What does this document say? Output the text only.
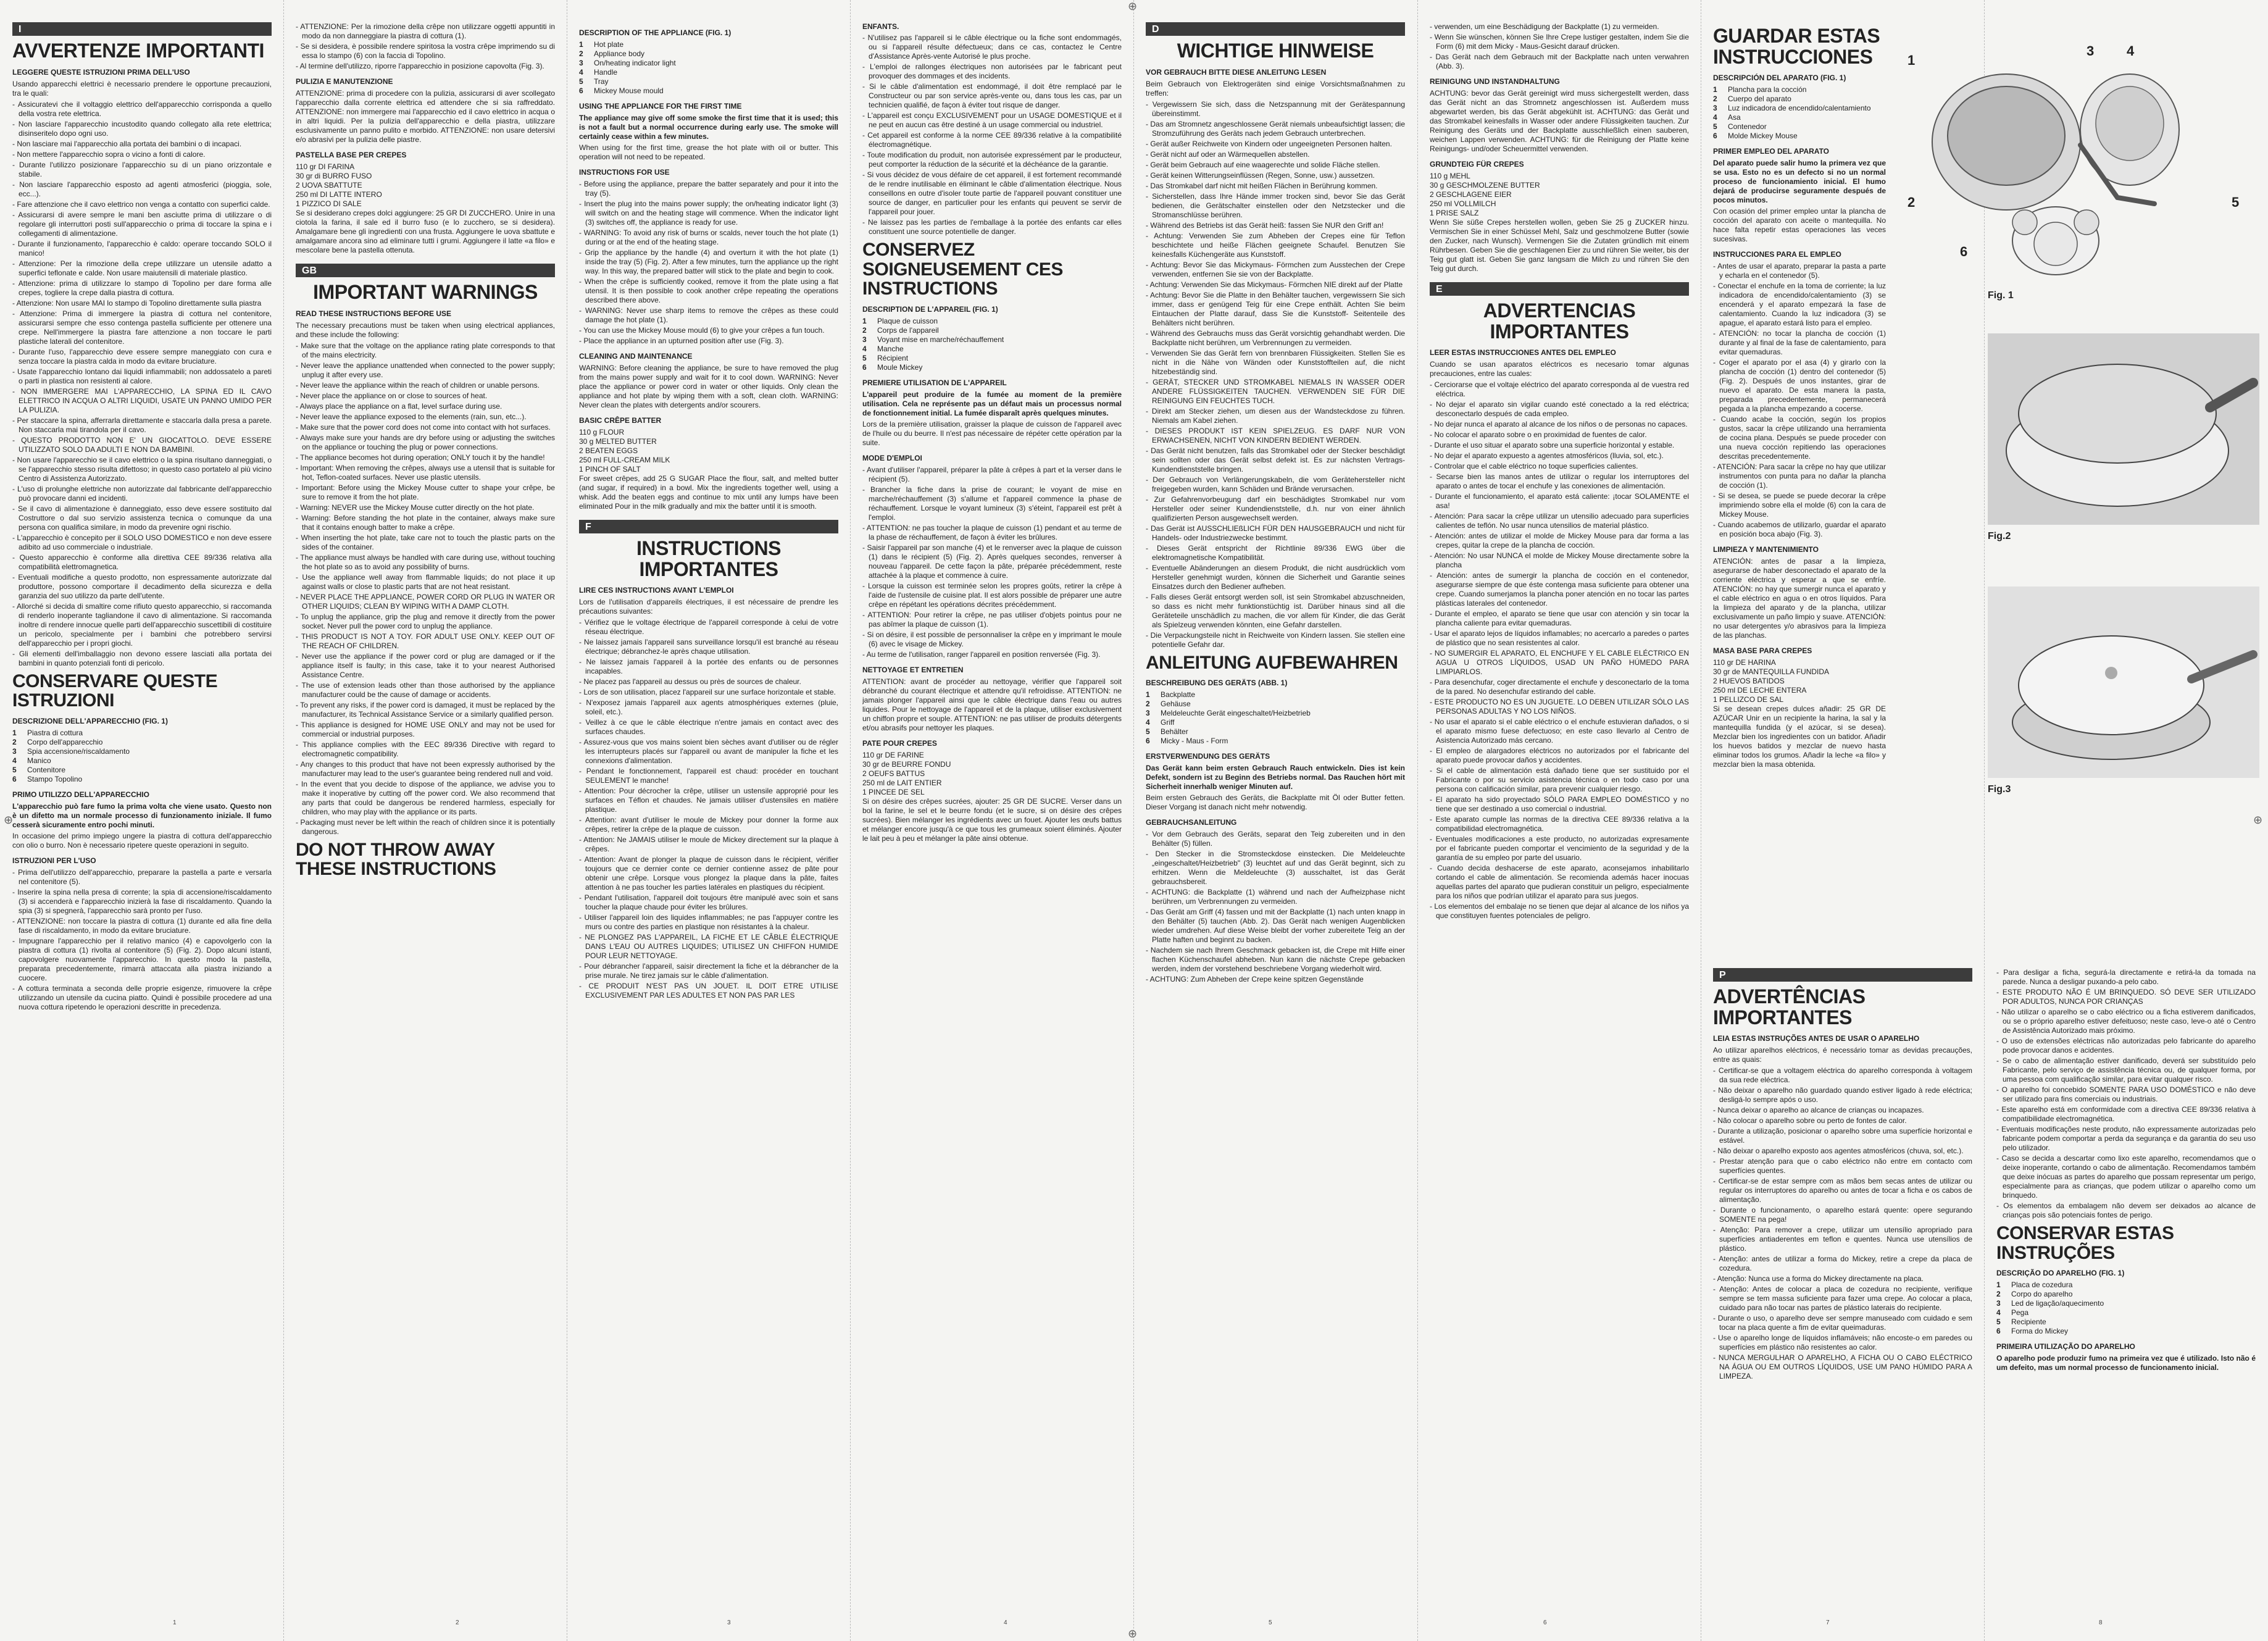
⊕
⊕	⊕
⊕
I
AVVERTENZE IMPORTANTI
LEGGERE QUESTE ISTRUZIONI PRIMA DELL'USO
Usando apparecchi elettrici è necessario prendere le opportune precauzioni, tra le quali:
- Assicuratevi che il voltaggio elettrico dell'apparecchio corrisponda a quello della vostra rete elettrica.
- Non lasciare l'apparecchio incustodito quando collegato alla rete elettrica; disinseritelo dopo ogni uso.
- Non lasciare mai l'apparecchio alla portata dei bambini o di incapaci.
- Non mettere l'apparecchio sopra o vicino a fonti di calore.
- Durante l'utilizzo posizionare l'apparecchio su di un piano orizzontale e stabile.
- Non lasciare l'apparecchio esposto ad agenti atmosferici (pioggia, sole, ecc...).
- Fare attenzione che il cavo elettrico non venga a contatto con superfici calde.
- Assicurarsi di avere sempre le mani ben asciutte prima di utilizzare o di regolare gli interruttori posti sull'apparecchio o prima di toccare la spina e i collegamenti di alimentazione.
- Durante il funzionamento, l'apparecchio è caldo: operare toccando SOLO il manico!
- Attenzione: Per la rimozione della crepe utilizzare un utensile adatto a superfici teflonate e calde. Non usare maiutensili di materiale plastico.
- Attenzione: prima di utilizzare lo stampo di Topolino per dare forma alle crepes, togliere la crepe dalla piastra di cottura.
- Attenzione: Non usare MAI lo stampo di Topolino direttamente sulla piastra
- Attenzione: Prima di immergere la piastra di cottura nel contenitore, assicurarsi sempre che esso contenga pastella sufficiente per ottenere una crepe. Nell'immergere la piastra fare attenzione a non toccare le parti plastiche laterali del contenitore.
- Durante l'uso, l'apparecchio deve essere sempre maneggiato con cura e senza toccare la piastra calda in modo da evitare bruciature.
- Usate l'apparecchio lontano dai liquidi infiammabili; non addossatelo a pareti o parti in plastica non resistenti al calore.
- NON IMMERGERE MAI L'APPARECCHIO, LA SPINA ED IL CAVO ELETTRICO IN ACQUA O ALTRI LIQUIDI, USATE UN PANNO UMIDO PER LA PULIZIA.
- Per staccare la spina, afferrarla direttamente e staccarla dalla presa a parete. Non staccarla mai tirandola per il cavo.
- QUESTO PRODOTTO NON E' UN GIOCATTOLO. DEVE ESSERE UTILIZZATO SOLO DA ADULTI E NON DA BAMBINI.
- Non usare l'apparecchio se il cavo elettrico o la spina risultano danneggiati, o se l'apparecchio stesso risulta difettoso; in questo caso portatelo al più vicino Centro di Assistenza Autorizzato.
- L'uso di prolunghe elettriche non autorizzate dal fabbricante dell'apparecchio può provocare danni ed incidenti.
- Se il cavo di alimentazione è danneggiato, esso deve essere sostituito dal Costruttore o dal suo servizio assistenza tecnica o comunque da una persona con qualifica similare, in modo da prevenire ogni rischio.
- L'apparecchio è concepito per il SOLO USO DOMESTICO e non deve essere adibito ad uso commerciale o industriale.
- Questo apparecchio è conforme alla direttiva CEE 89/336 relativa alla compatibilità elettromagnetica.
- Eventuali modifiche a questo prodotto, non espressamente autorizzate dal produttore, possono comportare il decadimento della sicurezza e della garanzia del suo utilizzo da parte dell'utente.
- Allorché si decida di smaltire come rifiuto questo apparecchio, si raccomanda di renderlo inoperante tagliandone il cavo di alimentazione. Si raccomanda inoltre di rendere innocue quelle parti dell'apparecchio suscettibili di costituire un pericolo, specialmente per i bambini che potrebbero servirsi dell'apparecchio per i propri giochi.
- Gli elementi dell'imballaggio non devono essere lasciati alla portata dei bambini in quanto potenziali fonti di pericolo.
CONSERVARE QUESTE ISTRUZIONI
DESCRIZIONE DELL'APPARECCHIO (FIG. 1)
1 Piastra di cottura
2 Corpo dell'apparecchio
3 Spia accensione/riscaldamento
4 Manico
5 Contenitore
6 Stampo Topolino
PRIMO UTILIZZO DELL'APPARECCHIO
L'apparecchio può fare fumo la prima volta che viene usato. Questo non è un difetto ma un normale processo di funzionamento iniziale. Il fumo cesserà sicuramente entro pochi minuti.
In occasione del primo impiego ungere la piastra di cottura dell'apparecchio con olio o burro. Non è necessario ripetere queste operazioni in seguito.
ISTRUZIONI PER L'USO
- Prima dell'utilizzo dell'apparecchio, preparare la pastella a parte e versarla nel contenitore (5).
- Inserire la spina nella presa di corrente; la spia di accensione/riscaldamento (3) si accenderà e l'apparecchio inizierà la fase di riscaldamento. Quando la spia (3) si spegnerà, l'apparecchio sarà pronto per l'uso.
- ATTENZIONE: non toccare la piastra di cottura (1) durante ed alla fine della fase di riscaldamento, in modo da evitare bruciature.
- Impugnare l'apparecchio per il relativo manico (4) e capovolgerlo con la piastra di cottura (1) rivolta al contenitore (5) (Fig. 2). Dopo alcuni istanti, capovolgere nuovamente l'apparecchio. In questo modo la pastella, preparata precedentemente, rimarrà attaccata alla piastra iniziando a cuocere.
- A cottura terminata a seconda delle proprie esigenze, rimuovere la crêpe utilizzando un utensile da cucina piatto. Quindi è possibile procedere ad una nuova cottura ripetendo le operazioni descritte in precedenza.
- ATTENZIONE: Per la rimozione della crêpe non utilizzare oggetti appuntiti in modo da non danneggiare la piastra di cottura (1).
- Se si desidera, è possibile rendere spiritosa la vostra crêpe imprimendo su di essa lo stampo (6) con la faccia di Topolino.
- Al termine dell'utilizzo, riporre l'apparecchio in posizione capovolta (Fig. 3).
PULIZIA E MANUTENZIONE
ATTENZIONE: prima di procedere con la pulizia, assicurarsi di aver scollegato l'apparecchio dalla corrente elettrica ed attendere che si sia raffreddato. ATTENZIONE: non immergere mai l'apparecchio ed il cavo elettrico in acqua o in altri liquidi. Per la pulizia dell'apparecchio e della piastra, utilizzare esclusivamente un panno pulito e morbido. ATTENZIONE: non usare detersivi e/o abrasivi per la pulizia delle piastre.
PASTELLA BASE PER CREPES
110 gr DI FARINA
30 gr di BURRO FUSO
2 UOVA SBATTUTE
250 ml DI LATTE INTERO
1 PIZZICO DI SALE
Se si desiderano crepes dolci aggiungere: 25 GR DI ZUCCHERO. Unire in una ciotola la farina, il sale ed il burro fuso (e lo zucchero, se si desidera). Amalgamare bene gli ingredienti con una frusta. Aggiungere le uova sbattute e amalgamare ancora sino ad eliminare tutti i grumi. Aggiungere il latte «a filo» e mescolare bene la pastella ottenuta.
GB
IMPORTANT WARNINGS
READ THESE INSTRUCTIONS BEFORE USE
The necessary precautions must be taken when using electrical appliances, and these include the following:
- Make sure that the voltage on the appliance rating plate corresponds to that of the mains electricity.
- Never leave the appliance unattended when connected to the power supply; unplug it after every use.
- Never leave the appliance within the reach of children or unable persons.
- Never place the appliance on or close to sources of heat.
- Always place the appliance on a flat, level surface during use.
- Never leave the appliance exposed to the elements (rain, sun, etc...).
- Make sure that the power cord does not come into contact with hot surfaces.
- Always make sure your hands are dry before using or adjusting the switches on the appliance or touching the plug or power connections.
- The appliance becomes hot during operation; ONLY touch it by the handle!
- Important: When removing the crêpes, always use a utensil that is suitable for hot, Teflon-coated surfaces. Never use plastic utensils.
- Important: Before using the Mickey Mouse cutter to shape your crêpe, be sure to remove it from the hot plate.
- Warning: NEVER use the Mickey Mouse cutter directly on the hot plate.
- Warning: Before standing the hot plate in the container, always make sure that it contains enough batter to make a crêpe.
- When inserting the hot plate, take care not to touch the plastic parts on the sides of the container.
- The appliance must always be handled with care during use, without touching the hot plate so as to avoid any possibility of burns.
- Use the appliance well away from flammable liquids; do not place it up against walls or close to plastic parts that are not heat resistant.
- NEVER PLACE THE APPLIANCE, POWER CORD OR PLUG IN WATER OR OTHER LIQUIDS; CLEAN BY WIPING WITH A DAMP CLOTH.
- To unplug the appliance, grip the plug and remove it directly from the power socket. Never pull the power cord to unplug the appliance.
- THIS PRODUCT IS NOT A TOY. FOR ADULT USE ONLY. KEEP OUT OF THE REACH OF CHILDREN.
- Never use the appliance if the power cord or plug are damaged or if the appliance itself is faulty; in this case, take it to your nearest Authorised Assistance Centre.
- The use of extension leads other than those authorised by the appliance manufacturer could be the cause of damage or accidents.
- To prevent any risks, if the power cord is damaged, it must be replaced by the manufacturer, its Technical Assistance Service or a similarly qualified person.
- This appliance is designed for HOME USE ONLY and may not be used for commercial or industrial purposes.
- This appliance complies with the EEC 89/336 Directive with regard to electromagnetic compatibility.
- Any changes to this product that have not been expressly authorised by the manufacturer may lead to the user's guarantee being rendered null and void.
- In the event that you decide to dispose of the appliance, we advise you to make it inoperative by cutting off the power cord. We also recommend that any parts that could be dangerous be rendered harmless, especially for children, who may play with the appliance or its parts.
- Packaging must never be left within the reach of children since it is potentially dangerous.
DO NOT THROW AWAY THESE INSTRUCTIONS
DESCRIPTION OF THE APPLIANCE (FIG. 1)
1 Hot plate
2 Appliance body
3 On/heating indicator light
4 Handle
5 Tray
6 Mickey Mouse mould
USING THE APPLIANCE FOR THE FIRST TIME
The appliance may give off some smoke the first time that it is used; this is not a fault but a normal occurrence during early use. The smoke will certainly cease within a few minutes.
When using for the first time, grease the hot plate with oil or butter. This operation will not need to be repeated.
INSTRUCTIONS FOR USE
- Before using the appliance, prepare the batter separately and pour it into the tray (5).
- Insert the plug into the mains power supply; the on/heating indicator light (3) will switch on and the heating stage will commence. When the indicator light (3) switches off, the appliance is ready for use.
- WARNING: To avoid any risk of burns or scalds, never touch the hot plate (1) during or at the end of the heating stage.
- Grip the appliance by the handle (4) and overturn it with the hot plate (1) inside the tray (5) (Fig. 2). After a few minutes, turn the appliance up the right way. In this way, the prepared batter will stick to the plate and begin to cook.
- When the crêpe is sufficiently cooked, remove it from the plate using a flat utensil. It is then possible to cook another crêpe repeating the operations described there above.
- WARNING: Never use sharp items to remove the crêpes as these could damage the hot plate (1).
- You can use the Mickey Mouse mould (6) to give your crêpes a fun touch.
- Place the appliance in an upturned position after use (Fig. 3).
CLEANING AND MAINTENANCE
WARNING: Before cleaning the appliance, be sure to have removed the plug from the mains power supply and wait for it to cool down. WARNING: Never place the appliance or power cord in water or other liquids. Only clean the appliance and hot plate by wiping them with a soft, clean cloth. WARNING: Never clean the plates with detergents and/or scourers.
BASIC CRÊPE BATTER
110 g FLOUR
30 g MELTED BUTTER
2 BEATEN EGGS
250 ml FULL-CREAM MILK
1 PINCH OF SALT
For sweet crêpes, add 25 G SUGAR Place the flour, salt, and melted butter (and sugar, if required) in a bowl. Mix the ingredients together well, using a whisk. Add the beaten eggs and continue to mix until any lumps have been eliminated Pour in the milk gradually and mix the batter until it is smooth.
F
INSTRUCTIONS IMPORTANTES
LIRE CES INSTRUCTIONS AVANT L'EMPLOI
Lors de l'utilisation d'appareils électriques, il est nécessaire de prendre les précautions suivantes:
- Vérifiez que le voltage électrique de l'appareil corresponde à celui de votre réseau électrique.
- Ne laissez jamais l'appareil sans surveillance lorsqu'il est branché au réseau électrique; débranchez-le après chaque utilisation.
- Ne laissez jamais l'appareil à la portée des enfants ou de personnes incapables.
- Ne placez pas l'appareil au dessus ou près de sources de chaleur.
- Lors de son utilisation, placez l'appareil sur une surface horizontale et stable.
- N'exposez jamais l'appareil aux agents atmosphériques externes (pluie, soleil, etc.).
- Veillez à ce que le câble électrique n'entre jamais en contact avec des surfaces chaudes.
- Assurez-vous que vos mains soient bien sèches avant d'utiliser ou de régler les interrupteurs placés sur l'appareil ou avant de manipuler la fiche et les connexions d'alimentation.
- Pendant le fonctionnement, l'appareil est chaud: procéder en touchant SEULEMENT le manche!
- Attention: Pour décrocher la crêpe, utiliser un ustensile approprié pour les surfaces en Téflon et chaudes. Ne jamais utiliser d'ustensiles en matière plastique.
- Attention: avant d'utiliser le moule de Mickey pour donner la forme aux crêpes, retirer la crêpe de la plaque de cuisson.
- Attention: Ne JAMAIS utiliser le moule de Mickey directement sur la plaque à crêpes.
- Attention: Avant de plonger la plaque de cuisson dans le récipient, vérifier toujours que ce dernier conte ce dernier contienne assez de pâte pour obtenir une crêpe. Lorsque vous plongez la plaque dans la pâte, faites attention à ne pas toucher les parties latérales en plastiques du récipient.
- Pendant l'utilisation, l'appareil doit toujours être manipulé avec soin et sans toucher la plaque chaude pour éviter les brûlures.
- Utiliser l'appareil loin des liquides inflammables; ne pas l'appuyer contre les murs ou contre des parties en plastique non résistantes à la chaleur.
- NE PLONGEZ PAS L'APPAREIL, LA FICHE ET LE CÂBLE ÉLECTRIQUE DANS L'EAU OU AUTRES LIQUIDES; UTILISEZ UN CHIFFON HUMIDE POUR LEUR NETTOYAGE.
- Pour débrancher l'appareil, saisir directement la fiche et la débrancher de la prise murale. Ne tirez jamais sur le câble d'alimentation.
- CE PRODUIT N'EST PAS UN JOUET. IL DOIT ETRE UTILISE EXCLUSIVEMENT PAR LES ADULTES ET NON PAS PAR LES
ENFANTS.
- N'utilisez pas l'appareil si le câble électrique ou la fiche sont endommagés, ou si l'appareil résulte défectueux; dans ce cas, contactez le Centre d'Assistance Après-vente Autorisé le plus proche.
- L'emploi de rallonges électriques non autorisées par le fabricant peut provoquer des dommages et des incidents.
- Si le câble d'alimentation est endommagé, il doit être remplacé par le Constructeur ou par son service après-vente ou, dans tous les cas, par un technicien qualifié, de façon à éviter tout risque de danger.
- L'appareil est conçu EXCLUSIVEMENT pour un USAGE DOMESTIQUE et il ne peut en aucun cas être destiné à un usage commercial ou industriel.
- Cet appareil est conforme à la norme CEE 89/336 relative à la compatibilité électromagnétique.
- Toute modification du produit, non autorisée expressément par le producteur, peut comporter la réduction de la sécurité et la déchéance de la garantie.
- Si vous décidez de vous défaire de cet appareil, il est fortement recommandé de le rendre inutilisable en éliminant le câble d'alimentation électrique. Nous conseillons en outre d'isoler toute partie de l'appareil pouvant constituer une source de danger, en particulier pour les enfants qui peuvent se servir de l'appareil pour jouer.
- Ne laissez pas les parties de l'emballage à la portée des enfants car elles constituent une source potentielle de danger.
CONSERVEZ SOIGNEUSEMENT CES INSTRUCTIONS
DESCRIPTION DE L'APPAREIL (FIG. 1)
1 Plaque de cuisson
2 Corps de l'appareil
3 Voyant mise en marche/réchauffement
4 Manche
5 Récipient
6 Moule Mickey
PREMIERE UTILISATION DE L'APPAREIL
L'appareil peut produire de la fumée au moment de la première utilisation. Cela ne représente pas un défaut mais un processus normal de fonctionnement initial. La fumée disparaît après quelques minutes.
Lors de la première utilisation, graisser la plaque de cuisson de l'appareil avec de l'huile ou du beurre. Il n'est pas nécessaire de répéter cette opération par la suite.
MODE D'EMPLOI
- Avant d'utiliser l'appareil, préparer la pâte à crêpes à part et la verser dans le récipient (5).
- Brancher la fiche dans la prise de courant; le voyant de mise en marche/réchauffement (3) s'allume et l'appareil commence la phase de réchauffement. Lorsque le voyant lumineux (3) s'éteint, l'appareil est prêt à l'emploi.
- ATTENTION: ne pas toucher la plaque de cuisson (1) pendant et au terme de la phase de réchauffement, de façon à éviter les brûlures.
- Saisir l'appareil par son manche (4) et le renverser avec la plaque de cuisson (1) dans le récipient (5) (Fig. 2). Après quelques secondes, renverser à nouveau l'appareil. De cette façon la pâte, préparée précédemment, reste attachée à la plaque et commence à cuire.
- Lorsque la cuisson est terminée selon les propres goûts, retirer la crêpe à l'aide de l'ustensile de cuisine plat. Il est alors possible de préparer une autre crêpe en répétant les opérations décrites précédemment.
- ATTENTION: Pour retirer la crêpe, ne pas utiliser d'objets pointus pour ne pas abîmer la plaque de cuisson (1).
- Si on désire, il est possible de personnaliser la crêpe en y imprimant le moule (6) avec le visage de Mickey.
- Au terme de l'utilisation, ranger l'appareil en position renversée (Fig. 3).
NETTOYAGE ET ENTRETIEN
ATTENTION: avant de procéder au nettoyage, vérifier que l'appareil soit débranché du courant électrique et attendre qu'il refroidisse. ATTENTION: ne jamais plonger l'appareil ainsi que le câble électrique dans l'eau ou autres liquides. Pour le nettoyage de l'appareil et de la plaque, utiliser exclusivement un chiffon propre et souple. ATTENTION: ne pas utiliser de produits détergents et/ou abrasifs pour nettoyer les plaques.
PATE POUR CREPES
110 gr DE FARINE
30 gr de BEURRE FONDU
2 OEUFS BATTUS
250 ml de LAIT ENTIER
1 PINCEE DE SEL
Si on désire des crêpes sucrées, ajouter: 25 GR DE SUCRE. Verser dans un bol la farine, le sel et le beurre fondu (et le sucre, si on désire des crêpes sucrées). Bien mélanger les ingrédients avec un fouet. Ajouter les œufs battus et mélanger encore jusqu'à ce que tous les grumeaux soient éliminés. Ajouter le lait peu à peu et mélanger la pâte ainsi obtenue.
D
WICHTIGE HINWEISE
VOR GEBRAUCH BITTE DIESE ANLEITUNG LESEN
Beim Gebrauch von Elektrogeräten sind einige Vorsichtsmaßnahmen zu treffen:
- Vergewissern Sie sich, dass die Netzspannung mit der Gerätespannung übereinstimmt.
- Das am Stromnetz angeschlossene Gerät niemals unbeaufsichtigt lassen; die Stromzuführung des Geräts nach jedem Gebrauch unterbrechen.
- Gerät außer Reichweite von Kindern oder ungeeigneten Personen halten.
- Gerät nicht auf oder an Wärmequellen abstellen.
- Gerät beim Gebrauch auf eine waagerechte und solide Fläche stellen.
- Gerät keinen Witterungseinflüssen (Regen, Sonne, usw.) aussetzen.
- Das Stromkabel darf nicht mit heißen Flächen in Berührung kommen.
- Sicherstellen, dass Ihre Hände immer trocken sind, bevor Sie das Gerät bedienen, die Gerätschalter einstellen oder den Netzstecker und die Stromanschlüsse berühren.
- Während des Betriebs ist das Gerät heiß: fassen Sie NUR den Griff an!
- Achtung: Verwenden Sie zum Abheben der Crepes eine für Teflon beschichtete und heiße Flächen geeignete Schaufel. Benutzen Sie keinesfalls Küchengeräte aus Kunststoff.
- Achtung: Bevor Sie das Mickymaus- Förmchen zum Ausstechen der Crepe verwenden, entfernen Sie sie von der Backplatte.
- Achtung: Verwenden Sie das Mickymaus- Förmchen NIE direkt auf der Platte
- Achtung: Bevor Sie die Platte in den Behälter tauchen, vergewissern Sie sich immer, dass er genügend Teig für eine Crepe enthält. Achten Sie beim Eintauchen der Platte darauf, dass Sie die Kunststoff- Seitenteile des Behälters nicht berühren.
- Während des Gebrauchs muss das Gerät vorsichtig gehandhabt werden. Die Backplatte nicht berühren, um Verbrennungen zu vermeiden.
- Verwenden Sie das Gerät fern von brennbaren Flüssigkeiten. Stellen Sie es nicht in die Nähe von Wänden oder Kunststoffteilen auf, die nicht hitzebeständig sind.
- GERÄT, STECKER UND STROMKABEL NIEMALS IN WASSER ODER ANDERE FLÜSSIGKEITEN TAUCHEN. VERWENDEN SIE FÜR DIE REINIGUNG EIN FEUCHTES TUCH.
- Direkt am Stecker ziehen, um diesen aus der Wandsteckdose zu führen. Niemals am Kabel ziehen.
- DIESES PRODUKT IST KEIN SPIELZEUG. ES DARF NUR VON ERWACHSENEN, NICHT VON KINDERN BEDIENT WERDEN.
- Das Gerät nicht benutzen, falls das Stromkabel oder der Stecker beschädigt sein sollten oder das Gerät selbst defekt ist. Es zur nächsten Vertrags-Kundendienststelle bringen.
- Der Gebrauch von Verlängerungskabeln, die vom Gerätehersteller nicht freigegeben wurden, kann Schäden und Brände verursachen.
- Zur Gefahrenvorbeugung darf ein beschädigtes Stromkabel nur vom Hersteller oder seiner Kundendienststelle, d.h. nur von einer ähnlich qualifizierten Person ausgewechselt werden.
- Das Gerät ist AUSSCHLIEßLICH FÜR DEN HAUSGEBRAUCH und nicht für Handels- oder Industriezwecke bestimmt.
- Dieses Gerät entspricht der Richtlinie 89/336 EWG über die elektromagnetische Kompatibilität.
- Eventuelle Abänderungen an diesem Produkt, die nicht ausdrücklich vom Hersteller genehmigt wurden, können die Sicherheit und Garantie seines Einsatzes durch den Bediener aufheben.
- Falls dieses Gerät entsorgt werden soll, ist sein Stromkabel abzuschneiden, so dass es nicht mehr funktionstüchtig ist. Darüber hinaus sind all die Geräteteile unschädlich zu machen, die vor allem für Kinder, die das Gerät als Spielzeug verwenden könnten, eine Gefahr darstellen.
- Die Verpackungsteile nicht in Reichweite von Kindern lassen. Sie stellen eine potentielle Gefahr dar.
ANLEITUNG AUFBEWAHREN
BESCHREIBUNG DES GERÄTS (ABB. 1)
1 Backplatte
2 Gehäuse
3 Meldeleuchte Gerät eingeschaltet/Heizbetrieb
4 Griff
5 Behälter
6 Micky - Maus - Form
ERSTVERWENDUNG DES GERÄTS
Das Gerät kann beim ersten Gebrauch Rauch entwickeln. Dies ist kein Defekt, sondern ist zu Beginn des Betriebs normal. Das Rauchen hört mit Sicherheit innerhalb weniger Minuten auf.
Beim ersten Gebrauch des Geräts, die Backplatte mit Öl oder Butter fetten. Dieser Vorgang ist danach nicht mehr notwendig.
GEBRAUCHSANLEITUNG
- Vor dem Gebrauch des Geräts, separat den Teig zubereiten und in den Behälter (5) füllen.
- Den Stecker in die Stromsteckdose einstecken. Die Meldeleuchte „eingeschaltet/Heizbetrieb" (3) leuchtet auf und das Gerät beginnt, sich zu erhitzen. Wenn die Meldeleuchte (3) ausschaltet, ist das Gerät gebrauchsbereit.
- ACHTUNG: die Backplatte (1) während und nach der Aufheizphase nicht berühren, um Verbrennungen zu vermeiden.
- Das Gerät am Griff (4) fassen und mit der Backplatte (1) nach unten knapp in den Behälter (5) tauchen (Abb. 2). Das Gerät nach wenigen Augenblicken wieder umdrehen. Auf diese Weise bleibt der vorher zubereitete Teig an der Platte haften und beginnt zu backen.
- Nachdem sie nach Ihrem Geschmack gebacken ist, die Crepe mit Hilfe einer flachen Küchenschaufel abheben. Nun kann die nächste Crepe gebacken werden, indem der vorstehend beschriebene Vorgang wiederholt wird.
- ACHTUNG: Zum Abheben der Crepe keine spitzen Gegenstände
- verwenden, um eine Beschädigung der Backplatte (1) zu vermeiden.
- Wenn Sie wünschen, können Sie Ihre Crepe lustiger gestalten, indem Sie die Form (6) mit dem Micky - Maus-Gesicht darauf drücken.
- Das Gerät nach dem Gebrauch mit der Backplatte nach unten verwahren (Abb. 3).
REINIGUNG UND INSTANDHALTUNG
ACHTUNG: bevor das Gerät gereinigt wird muss sichergestellt werden, dass das Gerät nicht an das Stromnetz angeschlossen ist. Außerdem muss abgewartet werden, bis das Gerät abgekühlt ist. ACHTUNG: das Gerät und das Stromkabel keinesfalls in Wasser oder andere Flüssigkeiten tauchen. Zur Reinigung des Geräts und der Backplatte ausschließlich einen sauberen, weichen Lappen verwenden. ACHTUNG: für die Reinigung der Platte keine Reinigungs- und/oder Scheuermittel verwenden.
GRUNDTEIG FÜR CREPES
110 g MEHL
30 g GESCHMOLZENE BUTTER
2 GESCHLAGENE EIER
250 ml VOLLMILCH
1 PRISE SALZ
Wenn Sie süße Crepes herstellen wollen, geben Sie 25 g ZUCKER hinzu. Vermischen Sie in einer Schüssel Mehl, Salz und geschmolzene Butter (sowie den Zucker, nach Wunsch). Vermengen Sie die Zutaten gründlich mit einem Rührbesen. Geben Sie die geschlagenen Eier zu und rühren Sie weiter, bis der Teig gut glatt ist. Geben Sie ganz langsam die Milch zu und rühren Sie den Teig gut durch.
E
ADVERTENCIAS IMPORTANTES
LEER ESTAS INSTRUCCIONES ANTES DEL EMPLEO
Cuando se usan aparatos eléctricos es necesario tomar algunas precauciones, entre las cuales:
- Cerciorarse que el voltaje eléctrico del aparato corresponda al de vuestra red eléctrica.
- No dejar el aparato sin vigilar cuando esté conectado a la red eléctrica; desconectarlo después de cada empleo.
- No dejar nunca el aparato al alcance de los niños o de personas no capaces.
- No colocar el aparato sobre o en proximidad de fuentes de calor.
- Durante el uso situar el aparato sobre una superficie horizontal y estable.
- No dejar el aparato expuesto a agentes atmosféricos (lluvia, sol, etc.).
- Controlar que el cable eléctrico no toque superficies calientes.
- Secarse bien las manos antes de utilizar o regular los interruptores del aparato o antes de tocar el enchufe y las conexiones de alimentación.
- Durante el funcionamiento, el aparato está caliente: ¡tocar SOLAMENTE el asa!
- Atención: Para sacar la crêpe utilizar un utensilio adecuado para superficies calientes de teflón. No usar nunca utensilios de material plástico.
- Atención: antes de utilizar el molde de Mickey Mouse para dar forma a las crepes, quitar la crepe de la plancha de cocción.
- Atención: No usar NUNCA el molde de Mickey Mouse directamente sobre la plancha
- Atención: antes de sumergir la plancha de cocción en el contenedor, asegurarse siempre de que éste contenga masa suficiente para obtener una crepe. Cuando sumerjamos la plancha poner atención en no tocar las partes plásticas laterales del contenedor.
- Durante el empleo, el aparato se tiene que usar con atención y sin tocar la plancha caliente para evitar quemaduras.
- Usar el aparato lejos de líquidos inflamables; no acercarlo a paredes o partes de plástico que no sean resistentes al calor.
- NO SUMERGIR EL APARATO, EL ENCHUFE Y EL CABLE ELÉCTRICO EN AGUA U OTROS LÍQUIDOS, USAD UN PAÑO HÚMEDO PARA LIMPIARLOS.
- Para desenchufar, coger directamente el enchufe y desconectarlo de la toma de la pared. No desenchufar estirando del cable.
- ESTE PRODUCTO NO ES UN JUGUETE. LO DEBEN UTILIZAR SÓLO LAS PERSONAS ADULTAS Y NO LOS NIÑOS.
- No usar el aparato si el cable eléctrico o el enchufe estuvieran dañados, o si el aparato mismo fuese defectuoso; en este caso llevarlo al Centro de Asistencia Autorizado más cercano.
- El empleo de alargadores eléctricos no autorizados por el fabricante del aparato puede provocar daños y accidentes.
- Si el cable de alimentación está dañado tiene que ser sustituido por el Fabricante o por su servicio asistencia técnica o en todo caso por una persona con calificación similar, para prevenir cualquier riesgo.
- El aparato ha sido proyectado SÓLO PARA EMPLEO DOMÉSTICO y no tiene que ser destinado a uso comercial o industrial.
- Este aparato cumple las normas de la directiva CEE 89/336 relativa a la compatibilidad electromagnética.
- Eventuales modificaciones a este producto, no autorizadas expresamente por el fabricante pueden comportar el vencimiento de la seguridad y de la garantía de su empleo por parte del usuario.
- Cuando decida deshacerse de este aparato, aconsejamos inhabilitarlo cortando el cable de alimentación. Se recomienda además hacer inocuas aquellas partes del aparato que pudieran constituir un peligro, especialmente para los niños que podrían utilizar el aparato para sus juegos.
- Los elementos del embalaje no se tienen que dejar al alcance de los niños ya que constituyen fuentes potenciales de peligro.
GUARDAR ESTAS INSTRUCCIONES
DESCRIPCIÓN DEL APARATO (FIG. 1)
1 Plancha para la cocción
2 Cuerpo del aparato
3 Luz indicadora de encendido/calentamiento
4 Asa
5 Contenedor
6 Molde Mickey Mouse
PRIMER EMPLEO DEL APARATO
Del aparato puede salir humo la primera vez que se usa. Esto no es un defecto si no un normal proceso de funcionamiento inicial. El humo dejará de producirse seguramente después de pocos minutos.
Con ocasión del primer empleo untar la plancha de cocción del aparato con aceite o mantequilla. No hace falta repetir estas operaciones las veces sucesivas.
INSTRUCCIONES PARA EL EMPLEO
- Antes de usar el aparato, preparar la pasta a parte y echarla en el contenedor (5).
- Conectar el enchufe en la toma de corriente; la luz indicadora de encendido/calentamiento (3) se encenderá y el aparato empezará la fase de calentamiento. Cuando la luz indicadora (3) se apague, el aparato estará listo para el empleo.
- ATENCIÓN: no tocar la plancha de cocción (1) durante y al final de la fase de calentamiento, para evitar quemaduras.
- Coger el aparato por el asa (4) y girarlo con la plancha de cocción (1) dentro del contenedor (5) (Fig. 2). Después de unos instantes, girar de nuevo el aparato. De esta manera la pasta, preparada precedentemente, permanecerá pegada a la plancha empezando a cocerse.
- Cuando acabe la cocción, según los propios gustos, sacar la crêpe utilizando una herramienta de cocina plana. Después se puede proceder con una nueva cocción repitiendo las operaciones descritas precedentemente.
- ATENCIÓN: Para sacar la crêpe no hay que utilizar instrumentos con punta para no dañar la plancha de cocción (1).
- Si se desea, se puede se puede decorar la crêpe imprimiendo sobre ella el molde (6) con la cara de Mickey Mouse.
- Cuando acabemos de utilizarlo, guardar el aparato en posición boca abajo (Fig. 3).
LIMPIEZA Y MANTENIMIENTO
ATENCIÓN: antes de pasar a la limpieza, asegurarse de haber desconectado el aparato de la corriente eléctrica y esperar a que se enfríe. ATENCIÓN: no hay que sumergir nunca el aparato y el cable eléctrico en agua o en otros líquidos. Para la limpieza del aparato y de la plancha, utilizar exclusivamente un paño limpio y suave. ATENCIÓN: no usar detergentes y/o abrasivos para la limpieza de las planchas.
MASA BASE PARA CREPES
110 gr DE HARINA
30 gr de MANTEQUILLA FUNDIDA
2 HUEVOS BATIDOS
250 ml DE LECHE ENTERA
1 PELLIZCO DE SAL
Si se desean crepes dulces añadir: 25 GR DE AZÚCAR Unir en un recipiente la harina, la sal y la mantequilla fundida (y el azúcar, si se desea). Mezclar bien los ingredientes con un batidor. Añadir los huevos batidos y mezclar de nuevo hasta eliminar todos los grumos. Añadir la leche «a filo» y mezclar bien la masa obtenida.
P
ADVERTÊNCIAS IMPORTANTES
LEIA ESTAS INSTRUÇÕES ANTES DE USAR O APARELHO
Ao utilizar aparelhos eléctricos, é necessário tomar as devidas precauções, entre as quais:
- Certificar-se que a voltagem eléctrica do aparelho corresponda à voltagem da sua rede eléctrica.
- Não deixar o aparelho não guardado quando estiver ligado à rede eléctrica; desligá-lo sempre após o uso.
- Nunca deixar o aparelho ao alcance de crianças ou incapazes.
- Não colocar o aparelho sobre ou perto de fontes de calor.
- Durante a utilização, posicionar o aparelho sobre uma superfície horizontal e estável.
- Não deixar o aparelho exposto aos agentes atmosféricos (chuva, sol, etc.).
- Prestar atenção para que o cabo eléctrico não entre em contacto com superfícies quentes.
- Certificar-se de estar sempre com as mãos bem secas antes de utilizar ou regular os interruptores do aparelho ou antes de tocar a ficha e os cabos de alimentação.
- Durante o funcionamento, o aparelho estará quente: opere segurando SOMENTE na pega!
- Atenção: Para remover a crepe, utilizar um utensílio apropriado para superfícies antiaderentes em teflon e quentes. Nunca use utensílios de plástico.
- Atenção: antes de utilizar a forma do Mickey, retire a crepe da placa de cozedura.
- Atenção: Nunca use a forma do Mickey directamente na placa.
- Atenção: Antes de colocar a placa de cozedura no recipiente, verifique sempre se tem massa suficiente para fazer uma crepe. Ao colocar a placa, cuidado para não tocar nas partes de plástico laterais do recipiente.
- Durante o uso, o aparelho deve ser sempre manuseado com cuidado e sem tocar na placa quente a fim de evitar queimaduras.
- Use o aparelho longe de líquidos inflamáveis; não encoste-o em paredes ou superfícies em plástico não resistentes ao calor.
- NUNCA MERGULHAR O APARELHO, A FICHA OU O CABO ELÉCTRICO NA ÁGUA OU EM OUTROS LÍQUIDOS, USE UM PANO HÚMIDO PARA A LIMPEZA.
1
3 4
2	5
6
Fig. 1
Fig.2
Fig.3
- Para desligar a ficha, segurá-la directamente e retirá-la da tomada na parede. Nunca a desligar puxando-a pelo cabo.
- ESTE PRODUTO NÃO É UM BRINQUEDO. SÓ DEVE SER UTILIZADO POR ADULTOS, NUNCA POR CRIANÇAS
- Não utilizar o aparelho se o cabo eléctrico ou a ficha estiverem danificados, ou se o próprio aparelho estiver defeituoso; neste caso, leve-o até o Centro de Assistência Autorizado mais próximo.
- O uso de extensões eléctricas não autorizadas pelo fabricante do aparelho pode provocar danos e acidentes.
- Se o cabo de alimentação estiver danificado, deverá ser substituído pelo Fabricante, pelo serviço de assistência técnica ou, de qualquer forma, por uma pessoa com qualificação similar, para evitar qualquer risco.
- O aparelho foi concebido SOMENTE PARA USO DOMÉSTICO e não deve ser utilizado para fins comerciais ou industriais.
- Este aparelho está em conformidade com a directiva CEE 89/336 relativa à compatibilidade electromagnética.
- Eventuais modificações neste produto, não expressamente autorizadas pelo fabricante podem comportar a perda da segurança e da garantia do seu uso pelo utilizador.
- Caso se decida a descartar como lixo este aparelho, recomendamos que o deixe inoperante, cortando o cabo de alimentação. Recomendamos também que deixe inócuas as partes do aparelho que possam representar um perigo, especialmente para as crianças, que podem utilizar o aparelho como um brinquedo.
- Os elementos da embalagem não devem ser deixados ao alcance de crianças pois são potenciais fontes de perigo.
CONSERVAR ESTAS INSTRUÇÕES
DESCRIÇÃO DO APARELHO (FIG. 1)
1 Placa de cozedura
2 Corpo do aparelho
3 Led de ligação/aquecimento
4 Pega
5 Recipiente
6 Forma do Mickey
PRIMEIRA UTILIZAÇÃO DO APARELHO
O aparelho pode produzir fumo na primeira vez que é utilizado. Isto não é um defeito, mas um normal processo de funcionamento inicial.
1	2	3	4	5	6	7	8
